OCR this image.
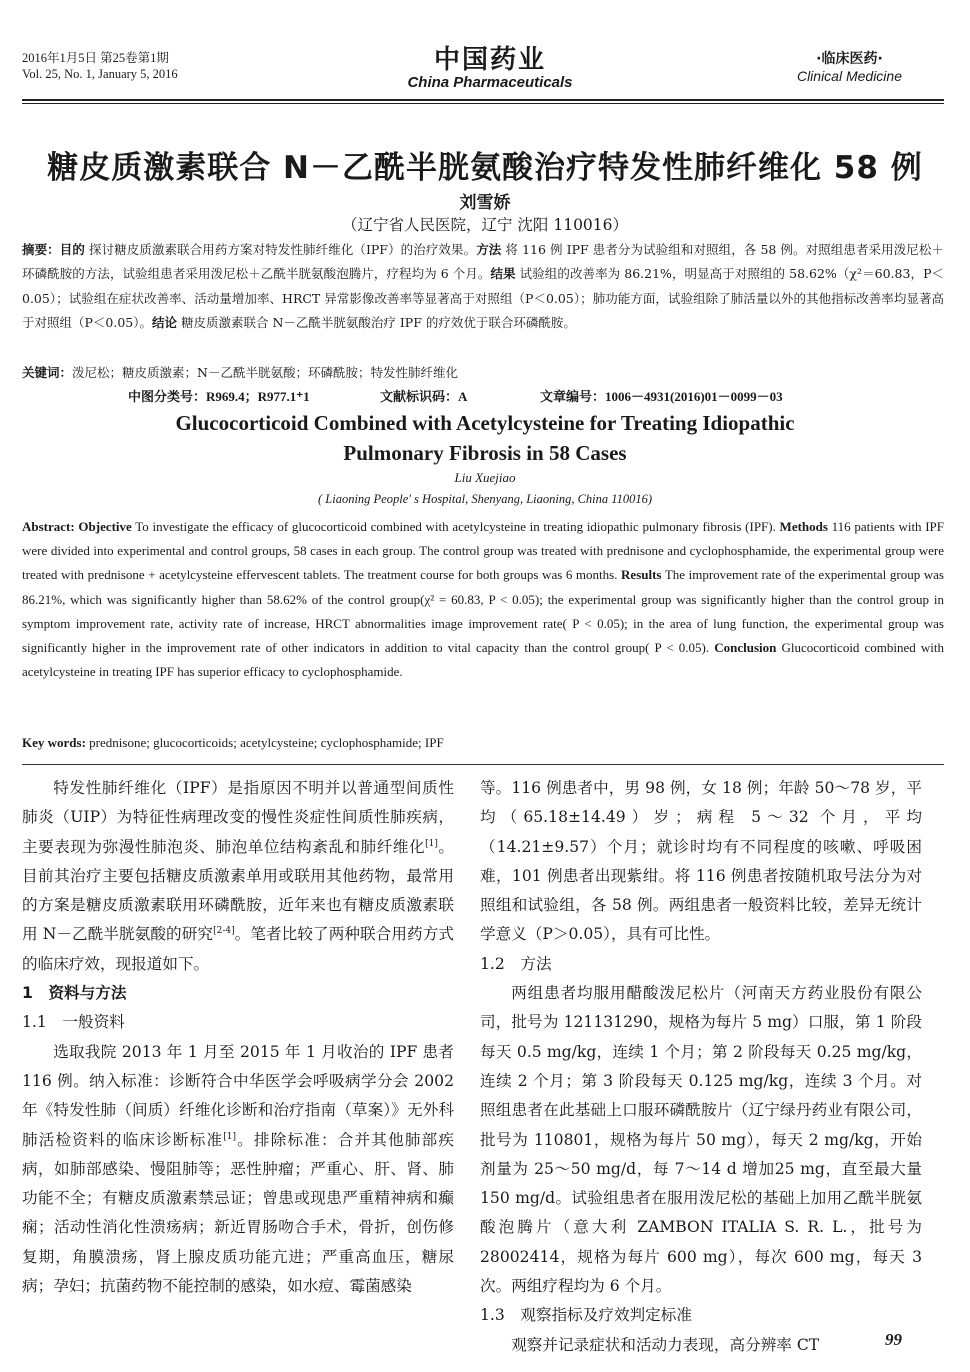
2016年1月5日 第25卷第1期
Vol. 25, No. 1, January 5, 2016	中国药业
China Pharmaceuticals
·临床医药·
Clinical Medicine
糖皮质激素联合 N－乙酰半胱氨酸治疗特发性肺纤维化 58 例
刘雪娇
（辽宁省人民医院，辽宁 沈阳 110016）
摘要：目的 探讨糖皮质激素联合用药方案对特发性肺纤维化（IPF）的治疗效果。方法 将 116 例 IPF 患者分为试验组和对照组，各 58 例。对照组患者采用泼尼松＋环磷酰胺的方法，试验组患者采用泼尼松＋乙酰半胱氨酸泡腾片，疗程均为 6 个月。结果 试验组的改善率为 86.21%，明显高于对照组的 58.62%（χ²＝60.83，P＜0.05）；试验组在症状改善率、活动量增加率、HRCT 异常影像改善率等显著高于对照组（P＜0.05）；肺功能方面，试验组除了肺活量以外的其他指标改善率均显著高于对照组（P＜0.05）。结论 糖皮质激素联合 N－乙酰半胱氨酸治疗 IPF 的疗效优于联合环磷酰胺。
关键词：泼尼松；糖皮质激素；N－乙酰半胱氨酸；环磷酰胺；特发性肺纤维化
中图分类号：R969.4；R977.1⁺1	文献标识码：A	文章编号：1006－4931(2016)01－0099－03
Glucocorticoid Combined with Acetylcysteine for Treating Idiopathic Pulmonary Fibrosis in 58 Cases
Liu Xuejiao
( Liaoning People' s Hospital, Shenyang, Liaoning, China 110016)
Abstract: Objective To investigate the efficacy of glucocorticoid combined with acetylcysteine in treating idiopathic pulmonary fibrosis (IPF). Methods 116 patients with IPF were divided into experimental and control groups, 58 cases in each group. The control group was treated with prednisone and cyclophosphamide, the experimental group were treated with prednisone + acetylcysteine effervescent tablets. The treatment course for both groups was 6 months. Results The improvement rate of the experimental group was 86.21%, which was significantly higher than 58.62% of the control group(χ² = 60.83, P < 0.05); the experimental group was significantly higher than the control group in symptom improvement rate, activity rate of increase, HRCT abnormalities image improvement rate( P < 0.05); in the area of lung function, the experimental group was significantly higher in the improvement rate of other indicators in addition to vital capacity than the control group( P < 0.05). Conclusion Glucocorticoid combined with acetylcysteine in treating IPF has superior efficacy to cyclophosphamide.
Key words: prednisone; glucocorticoids; acetylcysteine; cyclophosphamide; IPF

特发性肺纤维化（IPF）是指原因不明并以普通型间质性肺炎（UIP）为特征性病理改变的慢性炎症性间质性肺疾病，主要表现为弥漫性肺泡炎、肺泡单位结构紊乱和肺纤维化[1]。目前其治疗主要包括糖皮质激素单用或联用其他药物，最常用的方案是糖皮质激素联用环磷酰胺，近年来也有糖皮质激素联用 N－乙酰半胱氨酸的研究[2-4]。笔者比较了两种联合用药方式的临床疗效，现报道如下。

1　资料与方法
1.1　一般资料

选取我院 2013 年 1 月至 2015 年 1 月收治的 IPF 患者 116 例。纳入标准：诊断符合中华医学会呼吸病学分会 2002 年《特发性肺（间质）纤维化诊断和治疗指南（草案）》无外科肺活检资料的临床诊断标准[1]。排除标准：合并其他肺部疾病，如肺部感染、慢阻肺等；恶性肿瘤；严重心、肝、肾、肺功能不全；有糖皮质激素禁忌证；曾患或现患严重精神病和癫痫；活动性消化性溃疡病；新近胃肠吻合手术，骨折，创伤修复期，角膜溃疡，肾上腺皮质功能亢进；严重高血压，糖尿病；孕妇；抗菌药物不能控制的感染，如水痘、霉菌感染

等。116 例患者中，男 98 例，女 18 例；年龄 50～78 岁，平均（65.18±14.49）岁；病程 5～32 个月，平均（14.21±9.57）个月；就诊时均有不同程度的咳嗽、呼吸困难，101 例患者出现紫绀。将 116 例患者按随机取号法分为对照组和试验组，各 58 例。两组患者一般资料比较，差异无统计学意义（P＞0.05），具有可比性。

1.2　方法

两组患者均服用醋酸泼尼松片（河南天方药业股份有限公司，批号为 121131290，规格为每片 5 mg）口服，第 1 阶段每天 0.5 mg/kg，连续 1 个月；第 2 阶段每天 0.25 mg/kg，连续 2 个月；第 3 阶段每天 0.125 mg/kg，连续 3 个月。对照组患者在此基础上口服环磷酰胺片（辽宁绿丹药业有限公司，批号为 110801，规格为每片 50 mg），每天 2 mg/kg，开始剂量为 25～50 mg/d，每 7～14 d 增加25 mg，直至最大量 150 mg/d。试验组患者在服用泼尼松的基础上加用乙酰半胱氨酸泡腾片（意大利 ZAMBON ITALIA S. R. L.，批号为 28002414，规格为每片 600 mg），每次 600 mg，每天 3 次。两组疗程均为 6 个月。

1.3　观察指标及疗效判定标准

观察并记录症状和活动力表现，高分辨率 CT	99
